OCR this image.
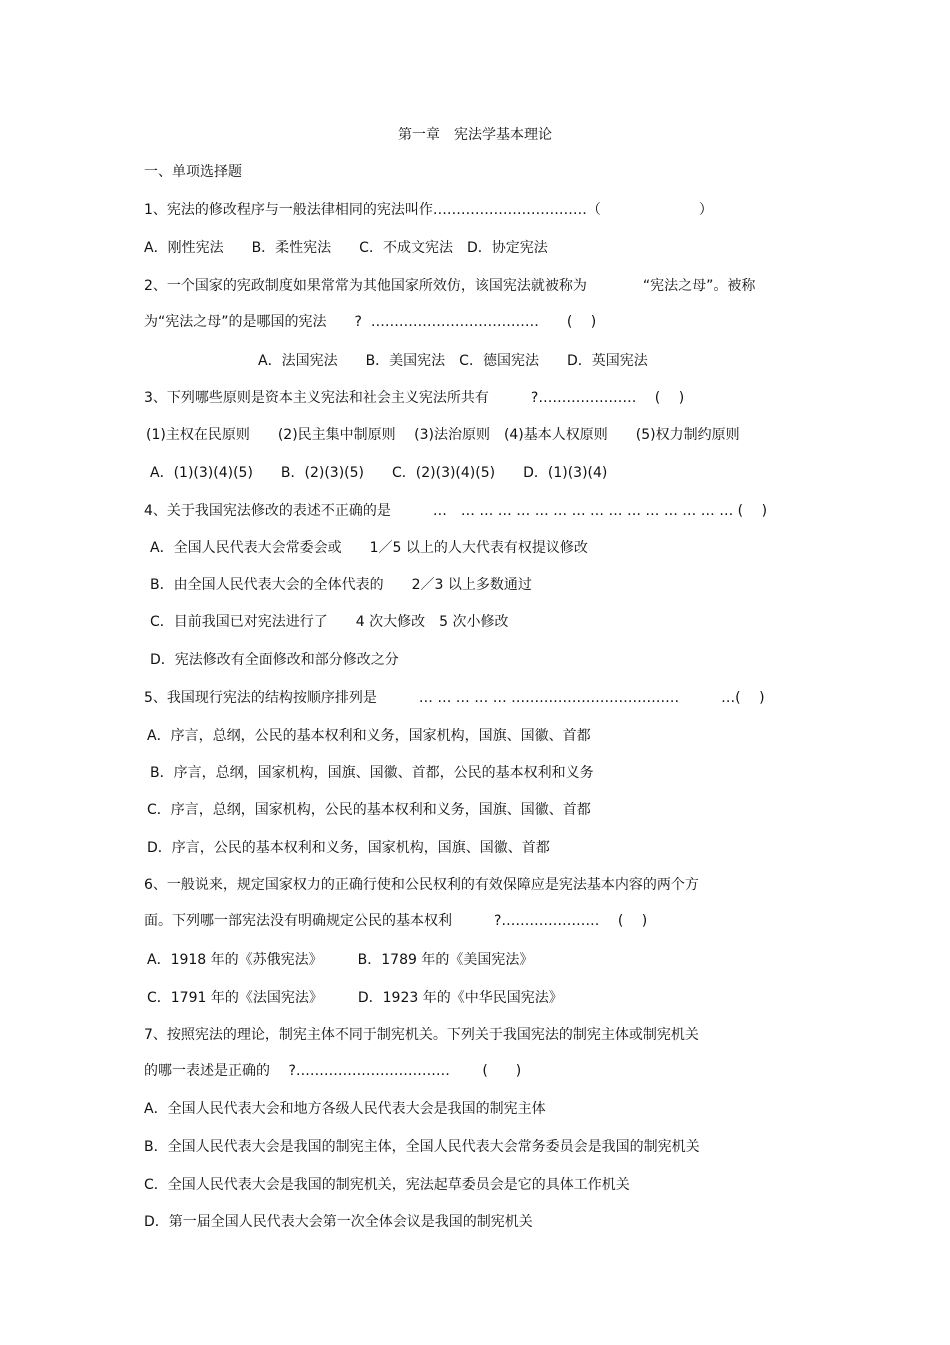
第一章　宪法学基本理论
一、单项选择题
1、宪法的修改程序与一般法律相同的宪法叫作……………………………（　　　　　　　）
A．刚性宪法　　B．柔性宪法　　C．不成文宪法　D．协定宪法
2、一个国家的宪政制度如果常常为其他国家所效仿，该国宪法就被称为　　　　“宪法之母”。被称
为“宪法之母”的是哪国的宪法　　?  ………………………………　　(　 )
A．法国宪法　　B．美国宪法　C．德国宪法　　D．英国宪法
3、下列哪些原则是资本主义宪法和社会主义宪法所共有　　　?…………………　 (　 )
(1)主权在民原则　　(2)民主集中制原则　 (3)法治原则　(4)基本人权原则　　(5)权力制约原则
A．(1)(3)(4)(5)　　B．(2)(3)(5)　　C．(2)(3)(4)(5)　　D．(1)(3)(4)
4、关于我国宪法修改的表述不正确的是　　　…　… … … … … … … … … … … … … … … ( 　)
A．全国人民代表大会常委会或　　1／5 以上的人大代表有权提议修改
B．由全国人民代表大会的全体代表的　　2／3 以上多数通过
C．目前我国已对宪法进行了　　4 次大修改　5 次小修改
D．宪法修改有全面修改和部分修改之分
5、我国现行宪法的结构按顺序排列是　　　… … … … … ………………………………　　　…(　 )
A．序言，总纲，公民的基本权利和义务，国家机构，国旗、国徽、首都
B．序言，总纲，国家机构，国旗、国徽、首都，公民的基本权利和义务
C．序言，总纲，国家机构，公民的基本权利和义务，国旗、国徽、首都
D．序言，公民的基本权利和义务，国家机构，国旗、国徽、首都
6、一般说来，规定国家权力的正确行使和公民权利的有效保障应是宪法基本内容的两个方
面。下列哪一部宪法没有明确规定公民的基本权利　　　?…………………　 (　 )
A．1918 年的《苏俄宪法》　　　B．1789 年的《美国宪法》
C．1791 年的《法国宪法》　　　D．1923 年的《中华民国宪法》
7、按照宪法的理论，制宪主体不同于制宪机关。下列关于我国宪法的制宪主体或制宪机关
的哪一表述是正确的　 ?……………………………　　 (　　)
A．全国人民代表大会和地方各级人民代表大会是我国的制宪主体
B．全国人民代表大会是我国的制宪主体，全国人民代表大会常务委员会是我国的制宪机关
C．全国人民代表大会是我国的制宪机关，宪法起草委员会是它的具体工作机关
D．第一届全国人民代表大会第一次全体会议是我国的制宪机关
